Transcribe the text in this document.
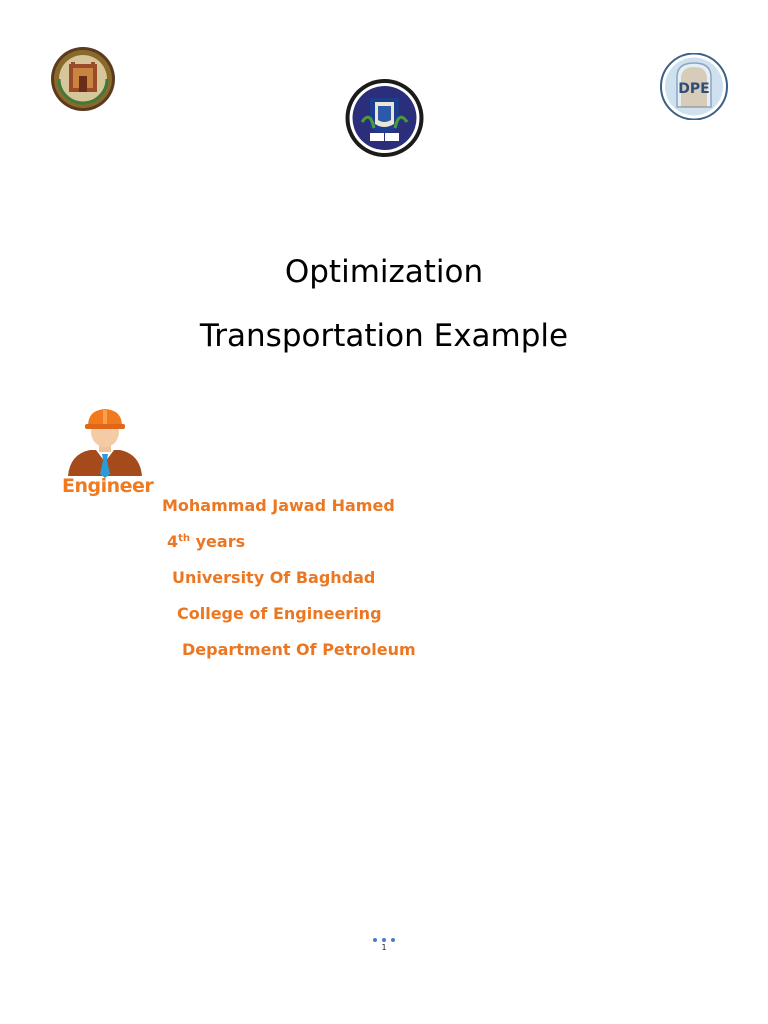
DPE
Optimization
Transportation Example
Engineer
Mohammad Jawad Hamed
4th years
University Of Baghdad
College of Engineering
Department Of Petroleum
1
